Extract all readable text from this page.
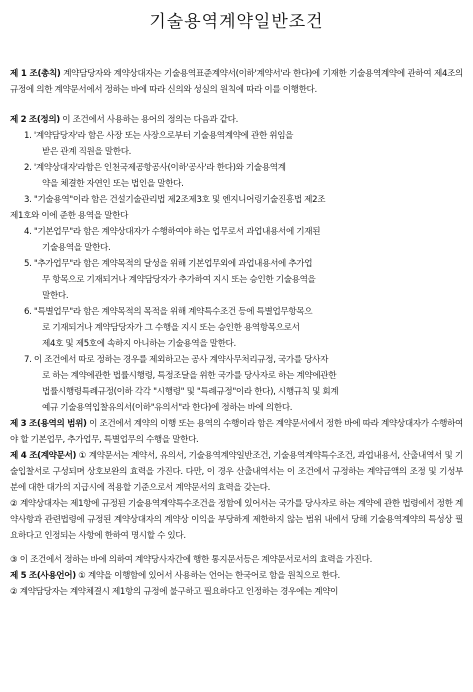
기술용역계약일반조건

제 1 조(총칙) 계약담당자와 계약상대자는 기술용역표준계약서(이하'계약서'라 한다)에 기재한 기술용역계약에 관하여 제4조의 규정에 의한 계약문서에서 정하는 바에 따라 신의와 성실의 원칙에 따라 이를 이행한다.

제 2 조(정의) 이 조건에서 사용하는 용어의 정의는 다음과 같다.

1. '계약담당자'라 함은 사장 또는 사장으로부터 기술용역계약에 관한 위임을
받은 관계 직원을 말한다.
2. '계약상대자'라함은 인천국제공항공사(이하'공사'라 한다)와 기술용역계
약을 체결한 자연인 또는 법인을 말한다.
3. "기술용역"이라 함은 건설기술관리법 제2조제3호 및 엔지니어링기술진흥법 제2조
제1호와 이에 준한 용역을 말한다
4. "기본업무"라 함은 계약상대자가 수행하여야 하는 업무로서 과업내용서에 기재된
기술용역을 말한다.
5. "추가업무"라 함은 계약목적의 달성을 위해 기본업무외에 과업내용서에 추가업
무 항목으로 기재되거나 계약담당자가 추가하여 지시 또는 승인한 기술용역을
말한다.
6. "특별업무"라 함은 계약목적의 목적을 위해 계약특수조건 등에 특별업무항목으
로 기재되거나 계약담당자가 그 수행을 지시 또는 승인한 용역항목으로서
제4호 및 제5호에 속하지 아니하는 기술용역을 말한다.
7. 이 조건에서 따로 정하는 경우를 제외하고는 공사 계약사무처리규정, 국가를 당사자
로 하는 계약에관한 법률시행령, 특정조달을 위한 국가를 당사자로 하는 계약에관한
법률시행령특례규정(이하 각각 "시행령" 및 "특례규정"이라 한다), 시행규칙 및 회계
예규 기술용역입찰유의서(이하"유의서"라 한다)에 정하는 바에 의한다.

제 3 조(용역의 범위) 이 조건에서 계약의 이행 또는 용역의 수행이라 함은 계약문서에서 정한 바에 따라 계약상대자가 수행하여야 할 기본업무, 추가업무, 특별업무의 수행을 말한다.

제 4 조(계약문서) ① 계약문서는 계약서, 유의서, 기술용역계약일반조건, 기술용역계약특수조건, 과업내용서, 산출내역서 및 기술입찰서로 구성되며 상호보완의 효력을 가진다. 다만, 이 경우 산출내역서는 이 조건에서 규정하는 계약금액의 조정 및 기성부분에 대한 대가의 지급시에 적용할 기준으로서 계약문서의 효력을 갖는다.

② 계약상대자는 제1항에 규정된 기술용역계약특수조건을 정함에 있어서는 국가를 당사자로 하는 계약에 관한 법령에서 정한 계약사항과 관련법령에 규정된 계약상대자의 계약상 이익을 부당하게 제한하지 않는 범위 내에서 당해 기술용역계약의 특성상 필요하다고 인정되는 사항에 한하여 명시할 수 있다.

③ 이 조건에서 정하는 바에 의하여 계약당사자간에 행한 통지문서등은 계약문서로서의 효력을 가진다.

제 5 조(사용언어) ① 계약을 이행함에 있어서 사용하는 언어는 한국어로 함을 원칙으로 한다.

② 계약담당자는 계약체결시 제1항의 규정에 불구하고 필요하다고 인정하는 경우에는 계약이
